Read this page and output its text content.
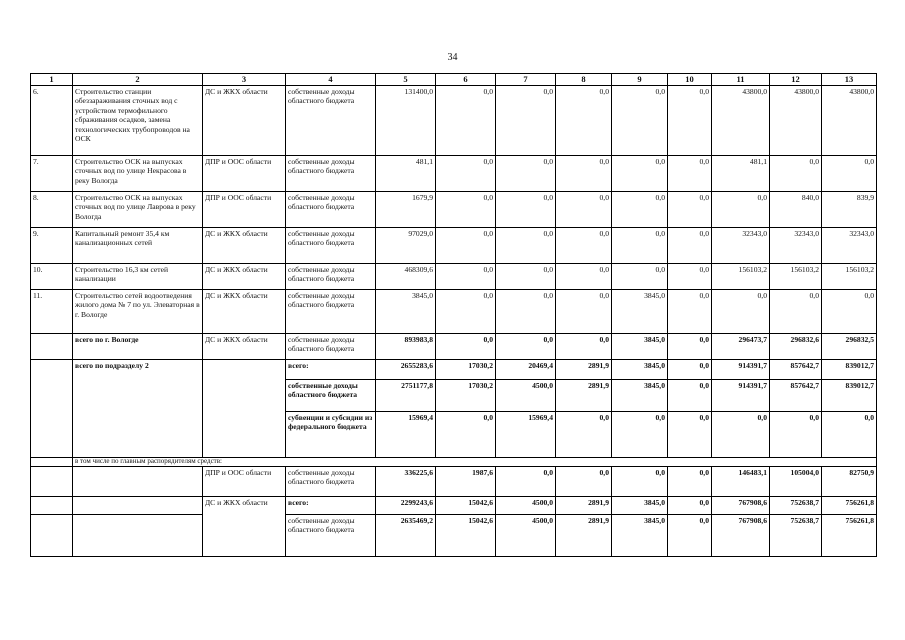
34
1	2	3	4	5	6	7	8	9	10	11	12	13
6.	Строительство станции обеззараживания сточных вод с устройством термофильного сбраживания осадков, замена технологических трубопроводов на ОСК	ДС и ЖКХ области	собственные доходы областного бюджета	131400,0	0,0	0,0	0,0	0,0	0,0	43800,0	43800,0	43800,0
7.	Строительство ОСК на выпусках сточных вод по улице Некрасова в реку Вологда	ДПР и ООС области	собственные доходы областного бюджета	481,1	0,0	0,0	0,0	0,0	0,0	481,1	0,0	0,0
8.	Строительство ОСК на выпусках сточных вод по улице Лаврова в реку Вологда	ДПР и ООС области	собственные доходы областного бюджета	1679,9	0,0	0,0	0,0	0,0	0,0	0,0	840,0	839,9
9.	Капитальный ремонт 35,4 км канализационных сетей	ДС и ЖКХ области	собственные доходы областного бюджета	97029,0	0,0	0,0	0,0	0,0	0,0	32343,0	32343,0	32343,0
10.	Строительство 16,3 км сетей канализации	ДС и ЖКХ области	собственные доходы областного бюджета	468309,6	0,0	0,0	0,0	0,0	0,0	156103,2	156103,2	156103,2
11.	Строительство сетей водоотведения жилого дома № 7 по ул. Элеваторная в г. Вологде	ДС и ЖКХ области	собственные доходы областного бюджета	3845,0	0,0	0,0	0,0	3845,0	0,0	0,0	0,0	0,0
	всего по г. Вологде	ДС и ЖКХ области	собственные доходы областного бюджета	893983,8	0,0	0,0	0,0	3845,0	0,0	296473,7	296832,6	296832,5
	всего по подразделу 2		всего:	2655283,6	17030,2	20469,4	2891,9	3845,0	0,0	914391,7	857642,7	839012,7
			собственные доходы областного бюджета	2751177,8	17030,2	4500,0	2891,9	3845,0	0,0	914391,7	857642,7	839012,7
			субвенции и субсидии из федерального бюджета	15969,4	0,0	15969,4	0,0	0,0	0,0	0,0	0,0	0,0
	в том числе по главным распорядителям средств:											
		ДПР и ООС области	собственные доходы областного бюджета	336225,6	1987,6	0,0	0,0	0,0	0,0	146483,1	105004,0	82750,9
		ДС и ЖКХ области	всего:	2299243,6	15042,6	4500,0	2891,9	3845,0	0,0	767908,6	752638,7	756261,8
			собственные доходы областного бюджета	2635469,2	15042,6	4500,0	2891,9	3845,0	0,0	767908,6	752638,7	756261,8
